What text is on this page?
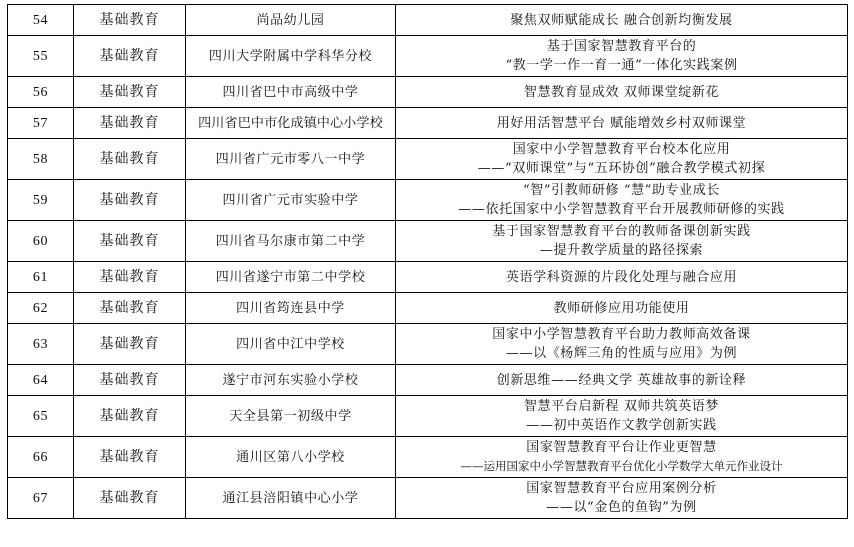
54	基础教育	尚品幼儿园	聚焦双师赋能成长 融合创新均衡发展

55	基础教育	四川大学附属中学科华分校	基于国家智慧教育平台的
“教一学一作一育一通”一体化实践案例

56	基础教育	四川省巴中市高级中学	智慧教育显成效 双师课堂绽新花

57	基础教育	四川省巴中市化成镇中心小学校	用好用活智慧平台 赋能增效乡村双师课堂

58	基础教育	四川省广元市零八一中学	国家中小学智慧教育平台校本化应用
——“双师课堂”与“五环协创”融合教学模式初探

59	基础教育	四川省广元市实验中学	“智”引教师研修 “慧”助专业成长
——依托国家中小学智慧教育平台开展教师研修的实践

60	基础教育	四川省马尔康市第二中学	基于国家智慧教育平台的教师备课创新实践
—提升教学质量的路径探索

61	基础教育	四川省遂宁市第二中学校	英语学科资源的片段化处理与融合应用

62	基础教育	四川省筠连县中学	教师研修应用功能使用

63	基础教育	四川省中江中学校	国家中小学智慧教育平台助力教师高效备课
——以《杨辉三角的性质与应用》为例

64	基础教育	遂宁市河东实验小学校	创新思维——经典文学 英雄故事的新诠释

65	基础教育	天全县第一初级中学	智慧平台启新程 双师共筑英语梦
——初中英语作文教学创新实践

66	基础教育	通川区第八小学校	国家智慧教育平台让作业更智慧
——运用国家中小学智慧教育平台优化小学数学大单元作业设计

67	基础教育	通江县涪阳镇中心小学	国家智慧教育平台应用案例分析
——以“金色的鱼钩”为例
